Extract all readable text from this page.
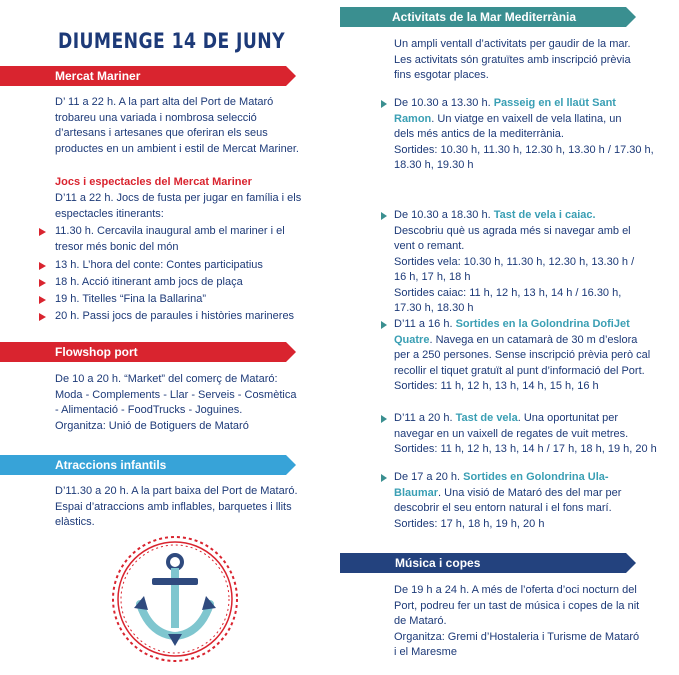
DIUMENGE 14 DE JUNY
Mercat Mariner
D’ 11 a 22 h. A la part alta del Port de Mataró
trobareu una variada i nombrosa selecció
d’artesans i artesanes que oferiran els seus
productes en un ambient i estil de Mercat Mariner.
Jocs i espectacles del Mercat Mariner
D’11 a 22 h. Jocs de fusta per jugar en família i els
espectacles itinerants:
11.30 h. Cercavila inaugural amb el mariner i el
tresor més bonic del món
13 h. L’hora del conte: Contes participatius
18 h. Acció itinerant amb jocs de plaça
19 h. Titelles “Fina la Ballarina”
20 h. Passi jocs de paraules i històries marineres
Flowshop port
De 10 a 20 h. “Market” del comerç de Mataró:
Moda - Complements - Llar - Serveis - Cosmètica
- Alimentació - FoodTrucks - Joguines.
Organitza: Unió de Botiguers de Mataró
Atraccions infantils
D’11.30 a 20 h. A la part baixa del Port de Mataró.
Espai d’atraccions amb inflables, barquetes i llits
elàstics.
Activitats de la Mar Mediterrània
Un ampli ventall d’activitats per gaudir de la mar.
Les activitats són gratuïtes amb inscripció prèvia
fins esgotar places.
De 10.30 a 13.30 h. Passeig en el llaüt Sant
Ramon. Un viatge en vaixell de vela llatina, un
dels més antics de la mediterrània.
Sortides: 10.30 h, 11.30 h, 12.30 h, 13.30 h / 17.30 h,
18.30 h, 19.30 h
De 10.30 a 18.30 h. Tast de vela i caiac.
Descobriu què us agrada més si navegar amb el
vent o remant.
Sortides vela: 10.30 h, 11.30 h, 12.30 h, 13.30 h /
16 h, 17 h, 18 h
Sortides caiac: 11 h, 12 h, 13 h, 14 h / 16.30 h,
17.30 h, 18.30 h
D’11 a 16 h. Sortides en la Golondrina DofiJet
Quatre. Navega en un catamarà de 30 m d’eslora
per a 250 persones. Sense inscripció prèvia però cal
recollir el tiquet gratuït al punt d’informació del Port.
Sortides: 11 h, 12 h, 13 h, 14 h, 15 h, 16 h
D’11 a 20 h. Tast de vela. Una oportunitat per
navegar en un vaixell de regates de vuit metres.
Sortides: 11 h, 12 h, 13 h, 14 h / 17 h, 18 h, 19 h, 20 h
De 17 a 20 h. Sortides en Golondrina Ula-
Blaumar. Una visió de Mataró des del mar per
descobrir el seu entorn natural i el fons marí.
Sortides: 17 h, 18 h, 19 h, 20 h
Música i copes
De 19 h a 24 h. A més de l’oferta d’oci nocturn del
Port, podreu fer un tast de música i copes de la nit
de Mataró.
Organitza: Gremi d’Hostaleria i Turisme de Mataró
i el Maresme
